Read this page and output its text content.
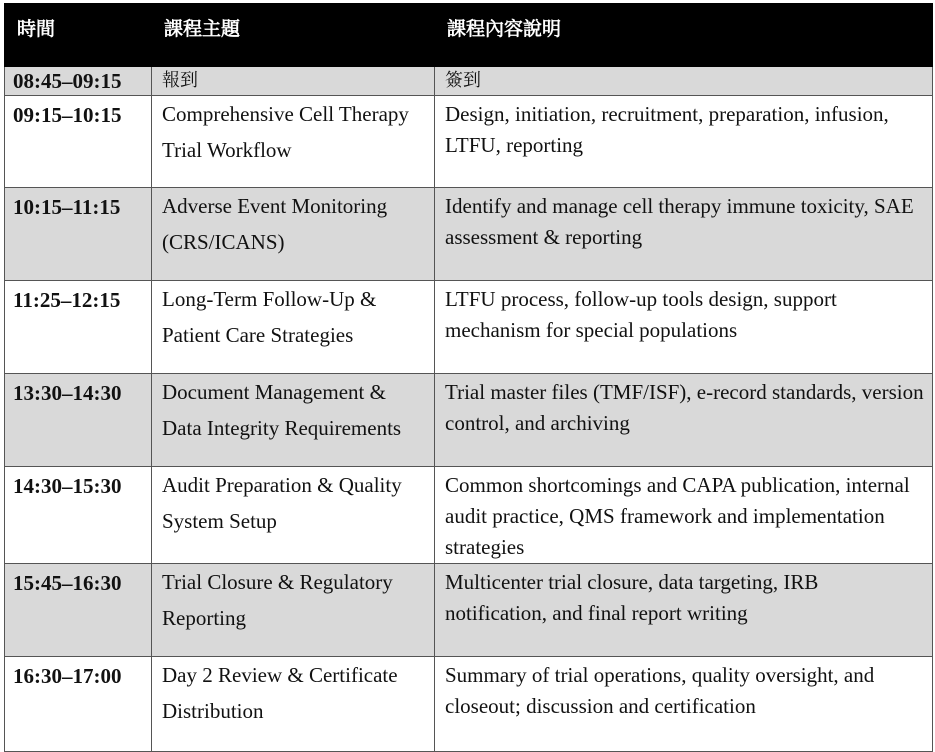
時間	課程主題	課程內容說明
08:45–09:15	報到	簽到
09:15–10:15	Comprehensive Cell Therapy Trial Workflow	Design, initiation, recruitment, preparation, infusion, LTFU, reporting
10:15–11:15	Adverse Event Monitoring (CRS/ICANS)	Identify and manage cell therapy immune toxicity, SAE assessment & reporting
11:25–12:15	Long-Term Follow-Up & Patient Care Strategies	LTFU process, follow-up tools design, support mechanism for special populations
13:30–14:30	Document Management & Data Integrity Requirements	Trial master files (TMF/ISF), e-record standards, version control, and archiving
14:30–15:30	Audit Preparation & Quality System Setup	Common shortcomings and CAPA publication, internal audit practice, QMS framework and implementation strategies
15:45–16:30	Trial Closure & Regulatory Reporting	Multicenter trial closure, data targeting, IRB notification, and final report writing
16:30–17:00	Day 2 Review & Certificate Distribution	Summary of trial operations, quality oversight, and closeout; discussion and certification
